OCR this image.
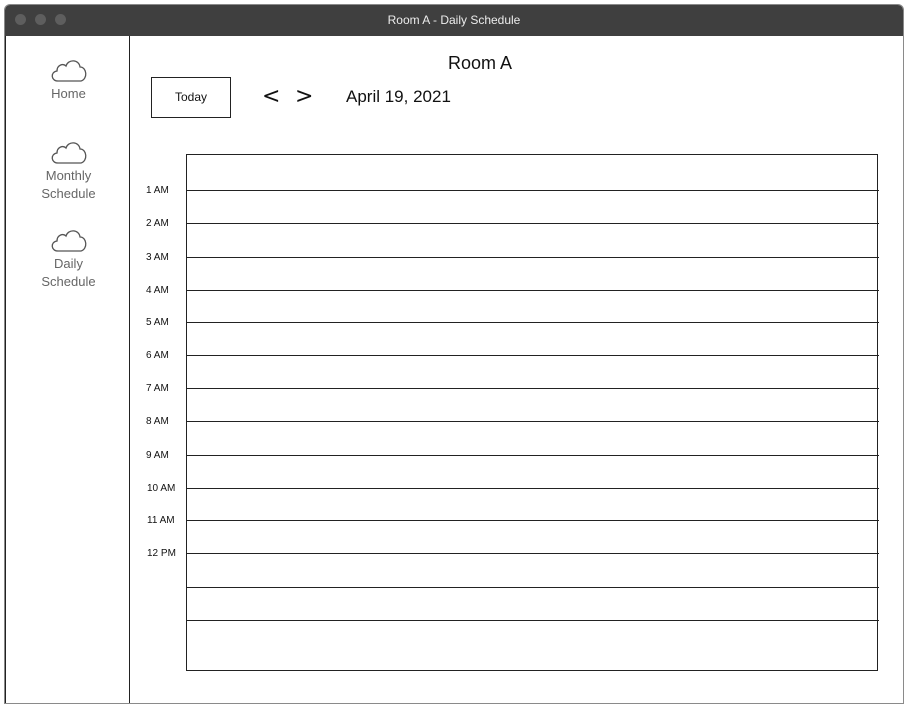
Room A - Daily Schedule
Home
Monthly
Schedule
Daily
Schedule
Room A
Today	< > April 19, 2021
1 AM
2 AM
3 AM
4 AM
5 AM
6 AM
7 AM
8 AM
9 AM
10 AM
11 AM
12 PM
